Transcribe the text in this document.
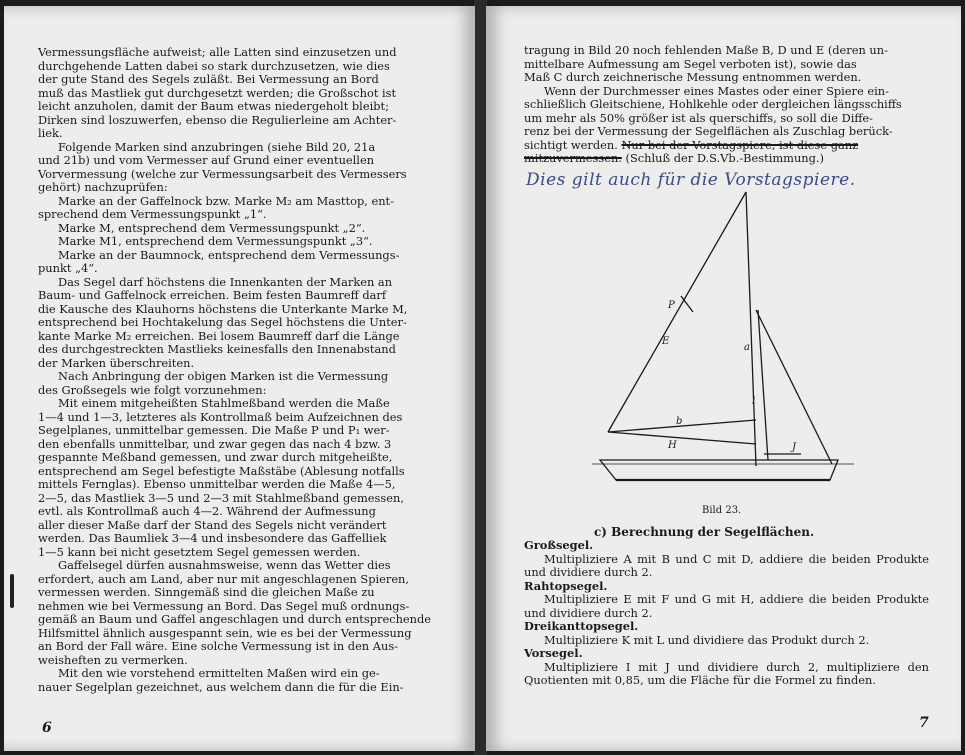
Vermessungsfläche aufweist; alle Latten sind einzusetzen und

durchgehende Latten dabei so stark durchzusetzen, wie dies

der gute Stand des Segels zuläßt. Bei Vermessung an Bord

muß das Mastliek gut durchgesetzt werden; die Großschot ist

leicht anzuholen, damit der Baum etwas niedergeholt bleibt;

Dirken sind loszuwerfen, ebenso die Regulierleine am Achter-

liek.

Folgende Marken sind anzubringen (siehe Bild 20, 21a

und 21b) und vom Vermesser auf Grund einer eventuellen

Vorvermessung (welche zur Vermessungsarbeit des Vermessers

gehört) nachzuprüfen:

Marke an der Gaffelnock bzw. Marke M₂ am Masttop, ent-

sprechend dem Vermessungspunkt „1“.

Marke M, entsprechend dem Vermessungspunkt „2“.

Marke M1, entsprechend dem Vermessungspunkt „3“.

Marke an der Baumnock, entsprechend dem Vermessungs-

punkt „4“.

Das Segel darf höchstens die Innenkanten der Marken an

Baum- und Gaffelnock erreichen. Beim festen Baumreff darf

die Kausche des Klauhorns höchstens die Unterkante Marke M,

entsprechend bei Hochtakelung das Segel höchstens die Unter-

kante Marke M₂ erreichen. Bei losem Baumreff darf die Länge

des durchgestreckten Mastlieks keinesfalls den Innenabstand

der Marken überschreiten.

Nach Anbringung der obigen Marken ist die Vermessung

des Großsegels wie folgt vorzunehmen:

Mit einem mitgeheißten Stahlmeßband werden die Maße

1—4 und 1—3, letzteres als Kontrollmaß beim Aufzeichnen des

Segelplanes, unmittelbar gemessen. Die Maße P und P₁ wer-

den ebenfalls unmittelbar, und zwar gegen das nach 4 bzw. 3

gespannte Meßband gemessen, und zwar durch mitgeheißte,

entsprechend am Segel befestigte Maßstäbe (Ablesung notfalls

mittels Fernglas). Ebenso unmittelbar werden die Maße 4—5,

2—5, das Mastliek 3—5 und 2—3 mit Stahlmeßband gemessen,

evtl. als Kontrollmaß auch 4—2. Während der Aufmessung

aller dieser Maße darf der Stand des Segels nicht verändert

werden. Das Baumliek 3—4 und insbesondere das Gaffelliek

1—5 kann bei nicht gesetztem Segel gemessen werden.

Gaffelsegel dürfen ausnahmsweise, wenn das Wetter dies

erfordert, auch am Land, aber nur mit angeschlagenen Spieren,

vermessen werden. Sinngemäß sind die gleichen Maße zu

nehmen wie bei Vermessung an Bord. Das Segel muß ordnungs-

gemäß an Baum und Gaffel angeschlagen und durch entsprechende

Hilfsmittel ähnlich ausgespannt sein, wie es bei der Vermessung

an Bord der Fall wäre. Eine solche Vermessung ist in den Aus-

weisheften zu vermerken.

Mit den wie vorstehend ermittelten Maßen wird ein ge-

nauer Segelplan gezeichnet, aus welchem dann die für die Ein-

6

tragung in Bild 20 noch fehlenden Maße B, D und E (deren un-

mittelbare Aufmessung am Segel verboten ist), sowie das

Maß C durch zeichnerische Messung entnommen werden.

Wenn der Durchmesser eines Mastes oder einer Spiere ein-

schließlich Gleitschiene, Hohlkehle oder dergleichen längsschiffs

um mehr als 50% größer ist als querschiffs, so soll die Diffe-

renz bei der Vermessung der Segelflächen als Zuschlag berück-

sichtigt werden. Nur bei der Vorstagspiere, ist diese ganz

mitzuvermessen. (Schluß der D.S.Vb.-Bestimmung.)

Dies gilt auch für die Vorstagspiere.
P
E
a
b
l
H	J
Bild 23.
c) Berechnung der Segelflächen.

Großsegel.

Multipliziere A mit B und C mit D, addiere die beiden Produkte und dividiere durch 2.

Rahtopsegel.

Multipliziere E mit F und G mit H, addiere die beiden Produkte und dividiere durch 2.

Dreikanttopsegel.

Multipliziere K mit L und dividiere das Produkt durch 2.

Vorsegel.

Multipliziere I mit J und dividiere durch 2, multipliziere den Quotienten mit 0,85, um die Fläche für die Formel zu finden.

7
